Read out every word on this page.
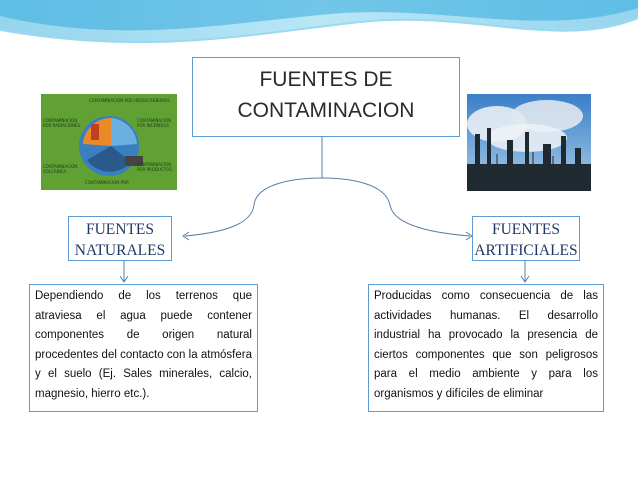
CONTAMINACION POR HIDROCARBUROS
CONTAMINACION
POR RADIACIONES
CONTAMINACION
POR INCENDIOS
CONTAMINACION
VOLCANICA
CONTAMINACION
POR PRODUCTOS
CONTAMINACION POR
FUENTES DE CONTAMINACION
FUENTES NATURALES
FUENTES ARTIFICIALES
Dependiendo de los terrenos que atraviesa el agua puede contener componentes de origen natural procedentes del contacto con la atmósfera y el suelo (Ej. Sales minerales, calcio, magnesio, hierro etc.).
Producidas como consecuencia de las actividades humanas. El desarrollo industrial ha provocado la presencia de ciertos componentes que son peligrosos para el medio ambiente y para los organismos y difíciles de eliminar
